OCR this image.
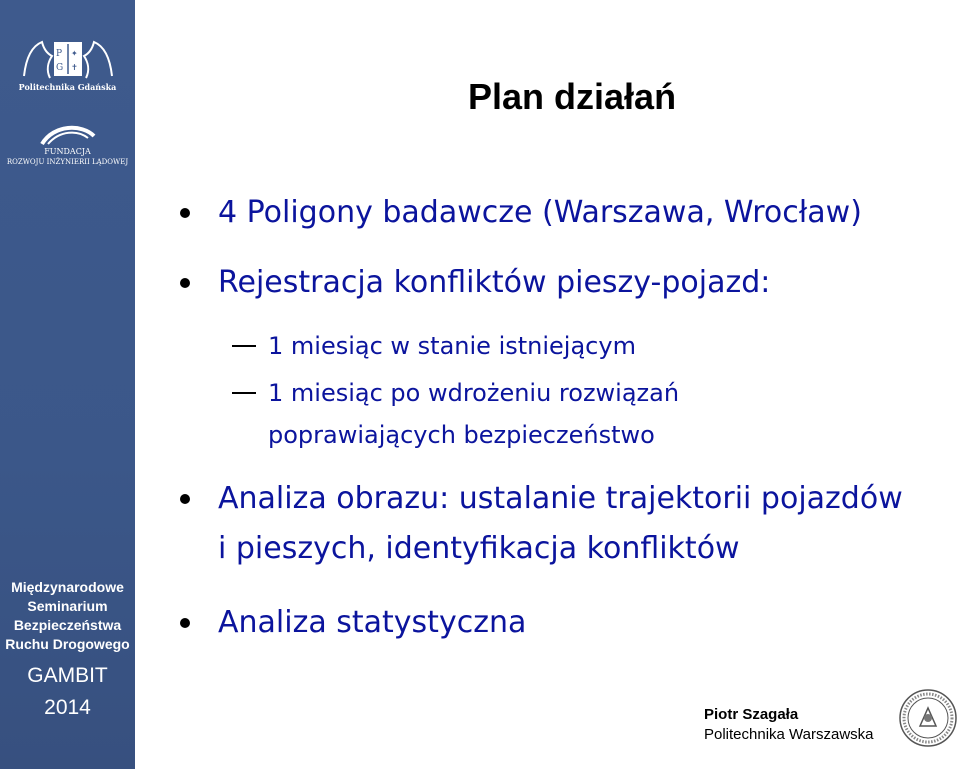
P
G
✦
✝
Politechnika Gdańska
FUNDACJA
ROZWOJU INŻYNIERII LĄDOWEJ
Międzynarodowe
Seminarium
Bezpieczeństwa
Ruchu Drogowego
GAMBIT
2014
Plan działań
4 Poligony badawcze (Warszawa, Wrocław)
Rejestracja konfliktów pieszy-pojazd:
1 miesiąc w stanie istniejącym
1 miesiąc po wdrożeniu rozwiązań
poprawiających bezpieczeństwo
Analiza obrazu: ustalanie trajektorii pojazdów
i pieszych, identyfikacja konfliktów
Analiza statystyczna
Piotr Szagała
Politechnika Warszawska
